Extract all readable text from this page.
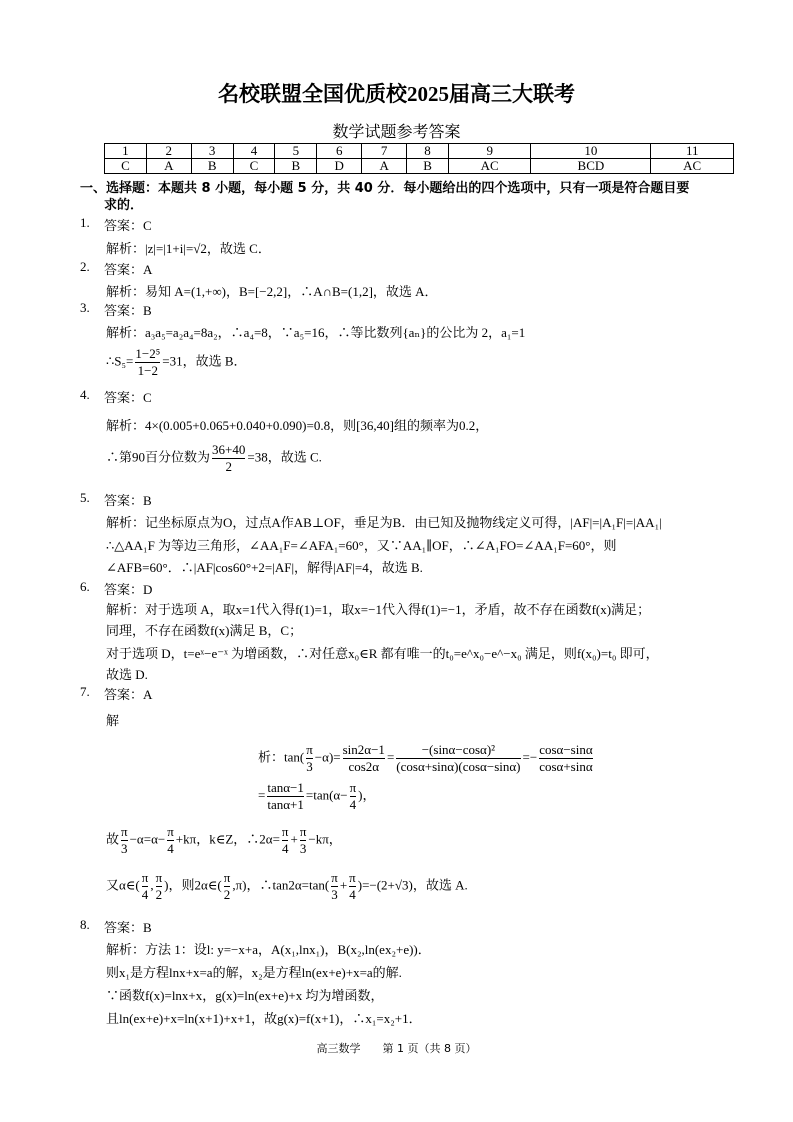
名校联盟全国优质校2025届高三大联考
数学试题参考答案
1	2	3	4	5	6	7	8	9	10	11
C	A	B	C	B	D	A	B	AC	BCD	AC
一、选择题：本题共 8 小题，每小题 5 分，共 40 分．每小题给出的四个选项中，只有一项是符合题目要
求的．
1. 答案：C
解析：|z|=|1+i|=√2，故选 C．
2. 答案：A
解析：易知 A=(1,+∞)，B=[−2,2]，∴A∩B=(1,2]，故选 A．
3. 答案：B
解析：a₃a₅=a₂a₄=8a₂，∴a₄=8，∵a₅=16，∴等比数列{aₙ}的公比为 2，a₁=1
∴S₅= $\frac{\text{1−2⁵}}{1-2} =31$，故选 B．
4. 答案：C
解析：4×(0.005+0.065+0.040+0.090)=0.8，则[36,40]组的频率为0.2，
∴第90百分位数为 $\frac{36+40}{2} =38$，故选 C.
5. 答案：B
解析：记坐标原点为O，过点A作AB⊥OF，垂足为B．由已知及抛物线定义可得，|AF|=|A₁F|=|AA₁|
∴△AA₁F 为等边三角形，∠AA₁F=∠AFA₁=60°，又∵AA₁∥OF，∴∠A₁FO=∠AA₁F=60°，则
∠AFB=60°．∴|AF|cos60°+2=|AF|，解得|AF|=4，故选 B.
6. 答案：D
解析：对于选项 A，取x=1代入得f(1)=1，取x=−1代入得f(1)=−1，矛盾，故不存在函数f(x)满足；
同理，不存在函数f(x)满足 B，C；
对于选项 D，t=eˣ−e⁻ˣ 为增函数，∴对任意x₀∈R 都有唯一的t₀=e^x₀−e^−x₀ 满足，则f(x₀)=t₀ 即可，
故选 D.
7. 答案：A
解
析：$\tan( \frac{\pi}{3} -\alpha)= \frac{\sin 2\alpha-1}{\cos 2\alpha} = \frac{\text{−(sinα−cosα)²}}{(\cos\alpha+\sin\alpha)(\cos\alpha-\sin\alpha)} =- \frac{\cos\alpha-\sin\alpha}{\cos\alpha+\sin\alpha}$
= $\frac{\tan\alpha-1}{\tan\alpha+1} =\tan(\alpha- \frac{\pi}{4}$ )，
故 $\frac{\pi}{3} -\alpha=\alpha- \frac{\pi}{4} +k\pi$，k∈Z，∴2α= $\frac{\pi}{4} + \frac{\pi}{3} -k\pi$，
又α∈( $\frac{\pi}{4}$ , $\frac{\pi}{2}$ )，则2α∈( $\frac{\pi}{2} ,\pi$)，∴tan2α=tan( $\frac{\pi}{3} + \frac{\pi}{4} )=-(2+√3)$，故选 A.
8. 答案：B
解析：方法 1：设l: y=−x+a，A(x₁,lnx₁)，B(x₂,ln(ex₂+e))．
则x₁是方程lnx+x=a的解，x₂是方程ln(ex+e)+x=a的解.
∵函数f(x)=lnx+x，g(x)=ln(ex+e)+x 均为增函数，
且ln(ex+e)+x=ln(x+1)+x+1，故g(x)=f(x+1)，∴x₁=x₂+1．
高三数学　　第 1 页（共 8 页）
